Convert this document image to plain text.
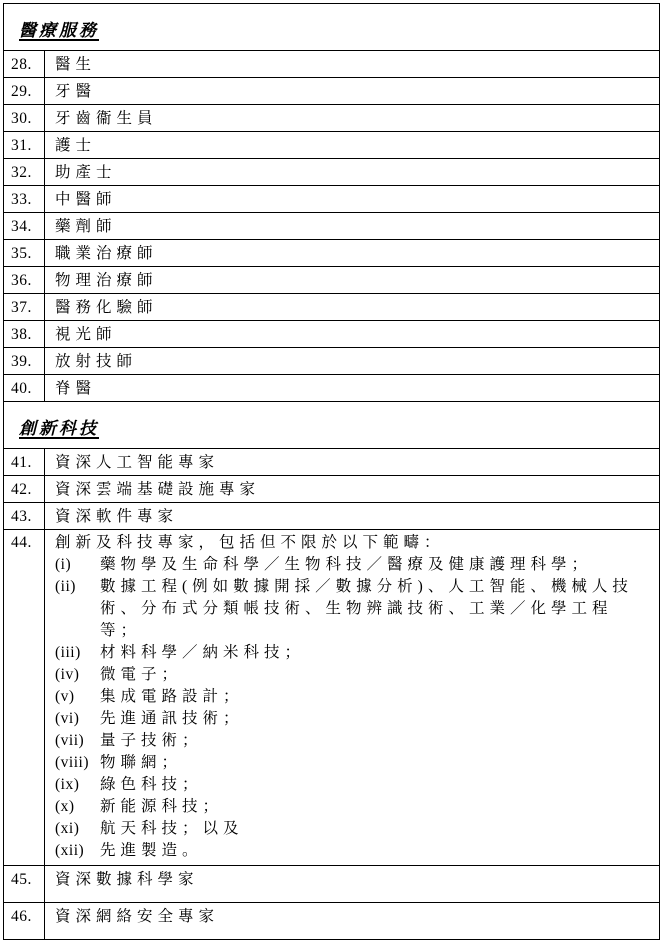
醫療服務	
28.	醫生
29.	牙醫
30.	牙齒衞生員
31.	護士
32.	助產士
33.	中醫師
34.	藥劑師
35.	職業治療師
36.	物理治療師
37.	醫務化驗師
38.	視光師
39.	放射技師
40.	脊醫
創新科技	
41.	資深人工智能專家
42.	資深雲端基礎設施專家
43.	資深軟件專家
44.	創新及科技專家，包括但不限於以下範疇：
(i)	藥物學及生命科學／生物科技／醫療及健康護理科學；
(ii)	數據工程(例如數據開採／數據分析)、人工智能、機械人技術、分布式分類帳技術、生物辨識技術、工業／化學工程等；
(iii)	材料科學／納米科技；
(iv)	微電子；
(v)	集成電路設計；
(vi)	先進通訊技術；
(vii)	量子技術；
(viii) 物聯網；
(ix)	綠色科技；
(x)	新能源科技；
(xi)	航天科技；以及
(xii)	先進製造。

45.	資深數據科學家
46.	資深網絡安全專家
